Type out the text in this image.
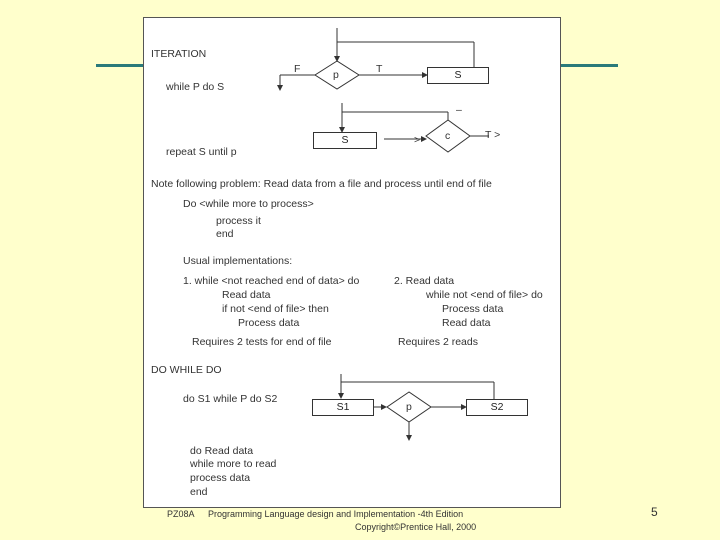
ITERATION
while P do S
F	p	T	S
–
S	> c	T >
repeat S until p
Note following problem: Read data from a file and process until end of file
Do <while more to process>
process it
end
Usual implementations:
1. while <not reached end of data> do
Read data
if not <end of file> then
Process data
Requires 2 tests for end of file
2. Read data
while not <end of file> do
Process data
Read data
Requires 2 reads
DO WHILE DO
do S1 while P do S2
S1	p	S2
do Read data
while more to read
process data
end
PZ08A Programming Language design and Implementation -4th Edition
Copyright©Prentice Hall, 2000
5
